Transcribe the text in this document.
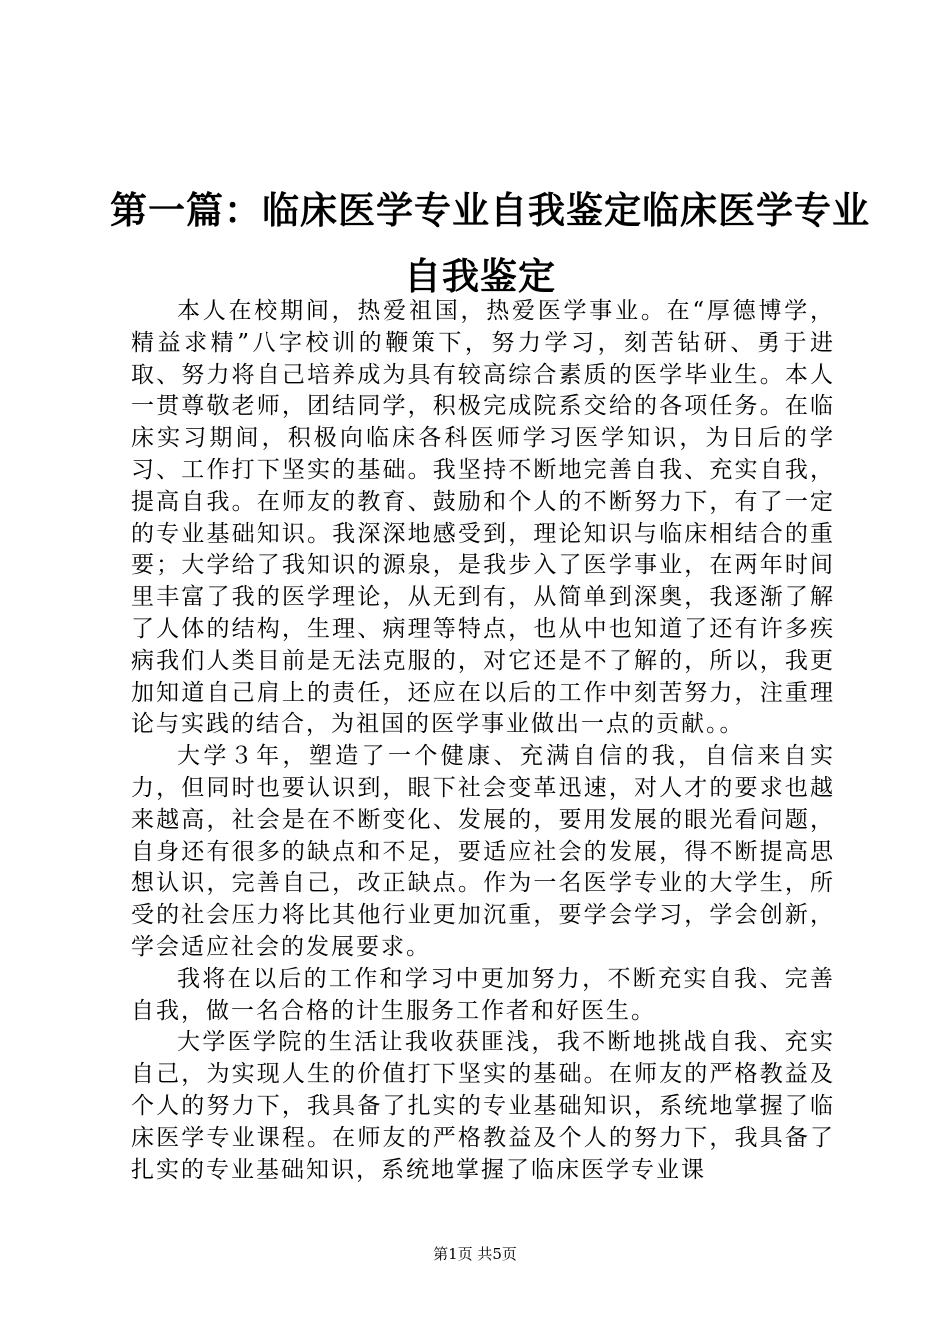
第一篇：临床医学专业自我鉴定临床医学专业
自我鉴定

本人在校期间，热爱祖国，热爱医学事业。在“厚德博学，精益求精”八字校训的鞭策下，努力学习，刻苦钻研、勇于进取、努力将自己培养成为具有较高综合素质的医学毕业生。本人一贯尊敬老师，团结同学，积极完成院系交给的各项任务。在临床实习期间，积极向临床各科医师学习医学知识，为日后的学习、工作打下坚实的基础。我坚持不断地完善自我、充实自我，提高自我。在师友的教育、鼓励和个人的不断努力下，有了一定的专业基础知识。我深深地感受到，理论知识与临床相结合的重要；大学给了我知识的源泉，是我步入了医学事业，在两年时间里丰富了我的医学理论，从无到有，从简单到深奥，我逐渐了解了人体的结构，生理、病理等特点，也从中也知道了还有许多疾病我们人类目前是无法克服的，对它还是不了解的，所以，我更加知道自己肩上的责任，还应在以后的工作中刻苦努力，注重理论与实践的结合，为祖国的医学事业做出一点的贡献。。

大学３年，塑造了一个健康、充满自信的我，自信来自实力，但同时也要认识到，眼下社会变革迅速，对人才的要求也越来越高，社会是在不断变化、发展的，要用发展的眼光看问题，自身还有很多的缺点和不足，要适应社会的发展，得不断提高思想认识，完善自己，改正缺点。作为一名医学专业的大学生，所受的社会压力将比其他行业更加沉重，要学会学习，学会创新，学会适应社会的发展要求。

我将在以后的工作和学习中更加努力，不断充实自我、完善自我，做一名合格的计生服务工作者和好医生。

大学医学院的生活让我收获匪浅，我不断地挑战自我、充实自己，为实现人生的价值打下坚实的基础。在师友的严格教益及个人的努力下，我具备了扎实的专业基础知识，系统地掌握了临床医学专业课程。在师友的严格教益及个人的努力下，我具备了扎实的专业基础知识，系统地掌握了临床医学专业课

第1页 共5页
